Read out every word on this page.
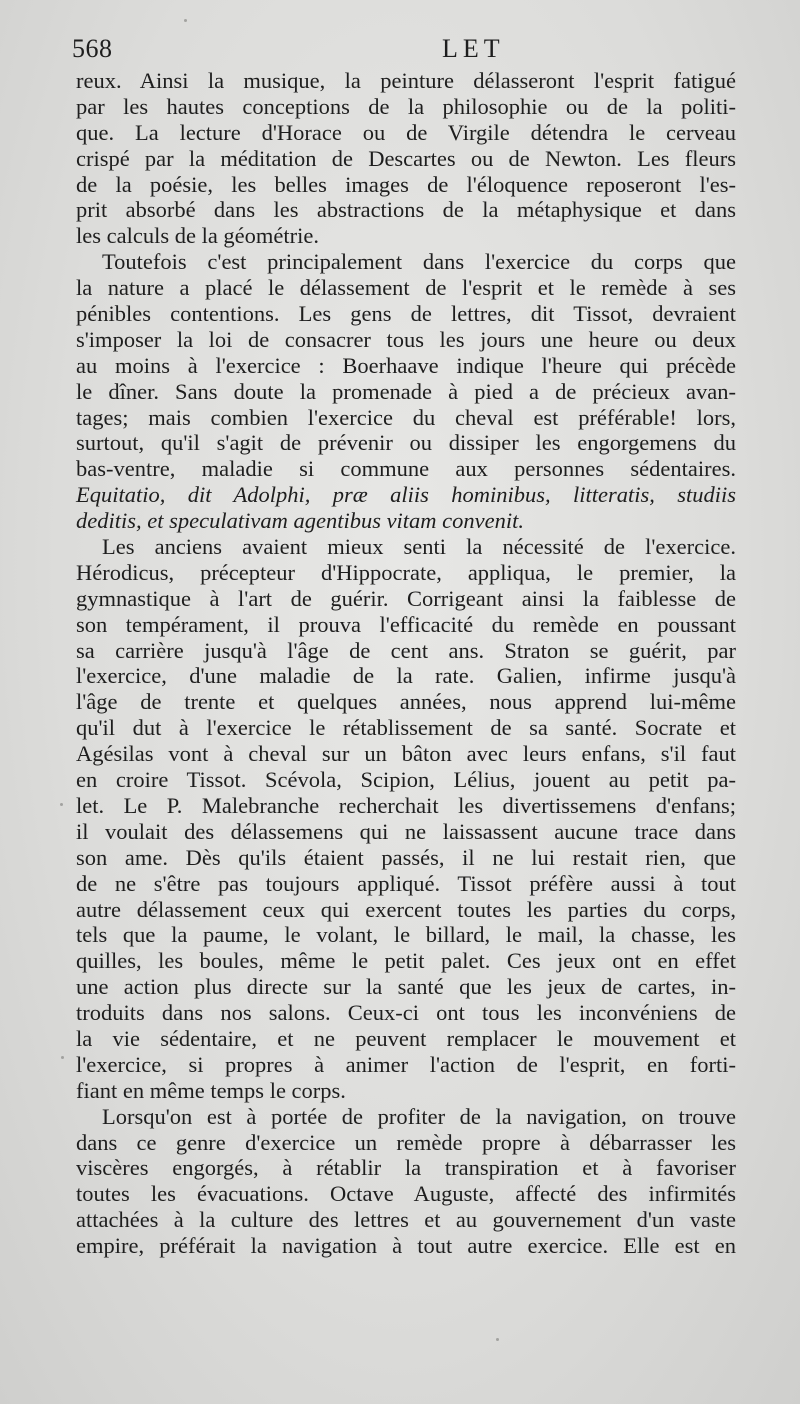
568	LET
reux. Ainsi la musique, la peinture délasseront l'esprit fatigué
par les hautes conceptions de la philosophie ou de la politi-
que. La lecture d'Horace ou de Virgile détendra le cerveau
crispé par la méditation de Descartes ou de Newton. Les fleurs
de la poésie, les belles images de l'éloquence reposeront l'es-
prit absorbé dans les abstractions de la métaphysique et dans
les calculs de la géométrie.
Toutefois c'est principalement dans l'exercice du corps que
la nature a placé le délassement de l'esprit et le remède à ses
pénibles contentions. Les gens de lettres, dit Tissot, devraient
s'imposer la loi de consacrer tous les jours une heure ou deux
au moins à l'exercice : Boerhaave indique l'heure qui précède
le dîner. Sans doute la promenade à pied a de précieux avan-
tages; mais combien l'exercice du cheval est préférable! lors,
surtout, qu'il s'agit de prévenir ou dissiper les engorgemens du
bas-ventre, maladie si commune aux personnes sédentaires.
Equitatio, dit Adolphi, præ aliis hominibus, litteratis, studiis
deditis, et speculativam agentibus vitam convenit.
Les anciens avaient mieux senti la nécessité de l'exercice.
Hérodicus, précepteur d'Hippocrate, appliqua, le premier, la
gymnastique à l'art de guérir. Corrigeant ainsi la faiblesse de
son tempérament, il prouva l'efficacité du remède en poussant
sa carrière jusqu'à l'âge de cent ans. Straton se guérit, par
l'exercice, d'une maladie de la rate. Galien, infirme jusqu'à
l'âge de trente et quelques années, nous apprend lui-même
qu'il dut à l'exercice le rétablissement de sa santé. Socrate et
Agésilas vont à cheval sur un bâton avec leurs enfans, s'il faut
en croire Tissot. Scévola, Scipion, Lélius, jouent au petit pa-
let. Le P. Malebranche recherchait les divertissemens d'enfans;
il voulait des délassemens qui ne laissassent aucune trace dans
son ame. Dès qu'ils étaient passés, il ne lui restait rien, que
de ne s'être pas toujours appliqué. Tissot préfère aussi à tout
autre délassement ceux qui exercent toutes les parties du corps,
tels que la paume, le volant, le billard, le mail, la chasse, les
quilles, les boules, même le petit palet. Ces jeux ont en effet
une action plus directe sur la santé que les jeux de cartes, in-
troduits dans nos salons. Ceux-ci ont tous les inconvéniens de
la vie sédentaire, et ne peuvent remplacer le mouvement et
l'exercice, si propres à animer l'action de l'esprit, en forti-
fiant en même temps le corps.
Lorsqu'on est à portée de profiter de la navigation, on trouve
dans ce genre d'exercice un remède propre à débarrasser les
viscères engorgés, à rétablir la transpiration et à favoriser
toutes les évacuations. Octave Auguste, affecté des infirmités
attachées à la culture des lettres et au gouvernement d'un vaste
empire, préférait la navigation à tout autre exercice. Elle est en
